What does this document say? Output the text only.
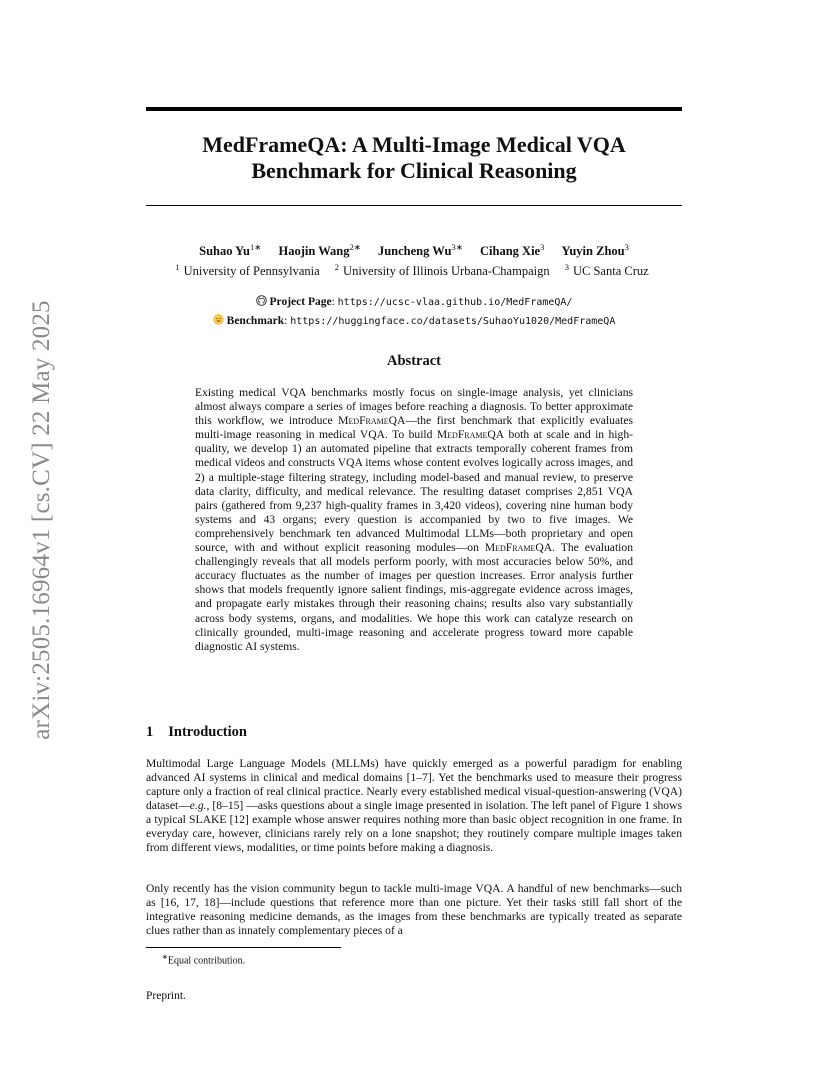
arXiv:2505.16964v1 [cs.CV] 22 May 2025
MedFrameQA: A Multi-Image Medical VQA Benchmark for Clinical Reasoning
Suhao $Yu^{1∗}$ Haojin Wang$^{2∗}$ Juncheng $Wu^{3∗}$ Cihang Xie$^3$ Yuyin Zhou$^3$
$^1$ University of Pennsylvania $^2$ University of Illinois Urbana-Champaign $^3$ UC Santa Cruz
Project Page: https://ucsc-vlaa.github.io/MedFrameQA/
Benchmark: https://huggingface.co/datasets/SuhaoYu1020/MedFrameQA
Abstract
Existing medical VQA benchmarks mostly focus on single-image analysis, yet clinicians almost always compare a series of images before reaching a diagnosis. To better approximate this workflow, we introduce MedFrameQA—the first benchmark that explicitly evaluates multi-image reasoning in medical VQA. To build MedFrameQA both at scale and in high-quality, we develop 1) an automated pipeline that extracts temporally coherent frames from medical videos and constructs VQA items whose content evolves logically across images, and 2) a multiple-stage filtering strategy, including model-based and manual review, to preserve data clarity, difficulty, and medical relevance. The resulting dataset comprises 2,851 VQA pairs (gathered from 9,237 high-quality frames in 3,420 videos), covering nine human body systems and 43 organs; every question is accompanied by two to five images. We comprehensively benchmark ten advanced Multimodal LLMs—both proprietary and open source, with and without explicit reasoning modules—on MedFrameQA. The evaluation challengingly reveals that all models perform poorly, with most accuracies below 50%, and accuracy fluctuates as the number of images per question increases. Error analysis further shows that models frequently ignore salient findings, mis-aggregate evidence across images, and propagate early mistakes through their reasoning chains; results also vary substantially across body systems, organs, and modalities. We hope this work can catalyze research on clinically grounded, multi-image reasoning and accelerate progress toward more capable diagnostic AI systems.
1 Introduction

Multimodal Large Language Models (MLLMs) have quickly emerged as a powerful paradigm for enabling advanced AI systems in clinical and medical domains [1–7]. Yet the benchmarks used to measure their progress capture only a fraction of real clinical practice. Nearly every established medical visual-question-answering (VQA) dataset—e.g., [8–15] —asks questions about a single image presented in isolation. The left panel of Figure 1 shows a typical SLAKE [12] example whose answer requires nothing more than basic object recognition in one frame. In everyday care, however, clinicians rarely rely on a lone snapshot; they routinely compare multiple images taken from different views, modalities, or time points before making a diagnosis.

Only recently has the vision community begun to tackle multi-image VQA. A handful of new benchmarks—such as [16, 17, 18]—include questions that reference more than one picture. Yet their tasks still fall short of the integrative reasoning medicine demands, as the images from these benchmarks are typically treated as separate clues rather than as innately complementary pieces of a

∗Equal contribution.
Preprint.
